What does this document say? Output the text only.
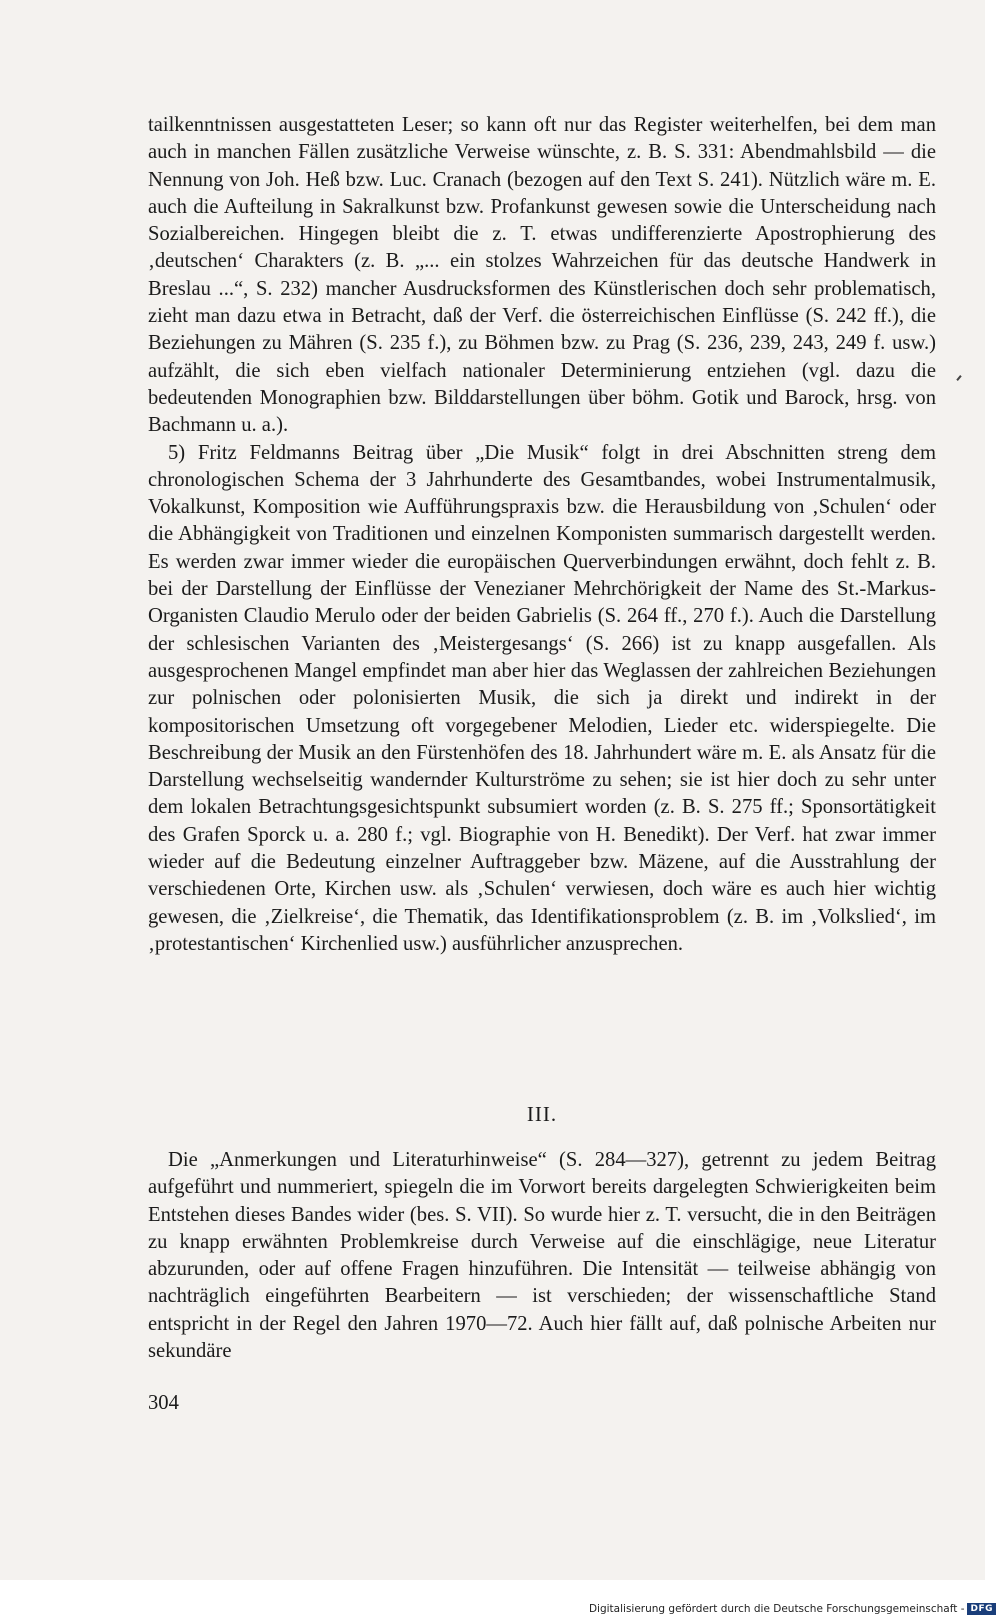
tailkenntnissen ausgestatteten Leser; so kann oft nur das Register weiterhelfen, bei dem man auch in manchen Fällen zusätzliche Verweise wünschte, z. B. S. 331: Abendmahlsbild — die Nennung von Joh. Heß bzw. Luc. Cranach (bezogen auf den Text S. 241). Nützlich wäre m. E. auch die Aufteilung in Sakralkunst bzw. Profankunst gewesen sowie die Unterscheidung nach Sozialbereichen. Hingegen bleibt die z. T. etwas undifferenzierte Apostrophierung des ‚deutschen‘ Charakters (z. B. „... ein stolzes Wahrzeichen für das deutsche Handwerk in Breslau ...“, S. 232) mancher Ausdrucksformen des Künstlerischen doch sehr problematisch, zieht man dazu etwa in Betracht, daß der Verf. die österreichischen Einflüsse (S. 242 ff.), die Beziehungen zu Mähren (S. 235 f.), zu Böhmen bzw. zu Prag (S. 236, 239, 243, 249 f. usw.) aufzählt, die sich eben vielfach nationaler Determinierung entziehen (vgl. dazu die bedeutenden Monographien bzw. Bilddarstellungen über böhm. Gotik und Barock, hrsg. von Bachmann u. a.).

5) Fritz Feldmanns Beitrag über „Die Musik“ folgt in drei Abschnitten streng dem chronologischen Schema der 3 Jahrhunderte des Gesamtbandes, wobei Instrumentalmusik, Vokalkunst, Komposition wie Aufführungspraxis bzw. die Herausbildung von ‚Schulen‘ oder die Abhängigkeit von Traditionen und einzelnen Komponisten summarisch dargestellt werden. Es werden zwar immer wieder die europäischen Querverbindungen erwähnt, doch fehlt z. B. bei der Darstellung der Einflüsse der Venezianer Mehrchörigkeit der Name des St.-Markus-Organisten Claudio Merulo oder der beiden Gabrielis (S. 264 ff., 270 f.). Auch die Darstellung der schlesischen Varianten des ‚Meistergesangs‘ (S. 266) ist zu knapp ausgefallen. Als ausgesprochenen Mangel empfindet man aber hier das Weglassen der zahlreichen Beziehungen zur polnischen oder polonisierten Musik, die sich ja direkt und indirekt in der kompositorischen Umsetzung oft vorgegebener Melodien, Lieder etc. widerspiegelte. Die Beschreibung der Musik an den Fürstenhöfen des 18. Jahrhundert wäre m. E. als Ansatz für die Darstellung wechselseitig wandernder Kulturströme zu sehen; sie ist hier doch zu sehr unter dem lokalen Betrachtungsgesichtspunkt subsumiert worden (z. B. S. 275 ff.; Sponsortätigkeit des Grafen Sporck u. a. 280 f.; vgl. Biographie von H. Benedikt). Der Verf. hat zwar immer wieder auf die Bedeutung einzelner Auftraggeber bzw. Mäzene, auf die Ausstrahlung der verschiedenen Orte, Kirchen usw. als ‚Schulen‘ verwiesen, doch wäre es auch hier wichtig gewesen, die ‚Zielkreise‘, die Thematik, das Identifikationsproblem (z. B. im ‚Volkslied‘, im ‚protestantischen‘ Kirchenlied usw.) ausführlicher anzusprechen.

III.

Die „Anmerkungen und Literaturhinweise“ (S. 284—327), getrennt zu jedem Beitrag aufgeführt und nummeriert, spiegeln die im Vorwort bereits dargelegten Schwierigkeiten beim Entstehen dieses Bandes wider (bes. S. VII). So wurde hier z. T. versucht, die in den Beiträgen zu knapp erwähnten Problemkreise durch Verweise auf die einschlägige, neue Literatur abzurunden, oder auf offene Fragen hinzuführen. Die Intensität — teilweise abhängig von nachträglich eingeführten Bearbeitern — ist verschieden; der wissenschaftliche Stand entspricht in der Regel den Jahren 1970—72. Auch hier fällt auf, daß polnische Arbeiten nur sekundäre

304
Digitalisierung gefördert durch die Deutsche Forschungsgemeinschaft - DFG
